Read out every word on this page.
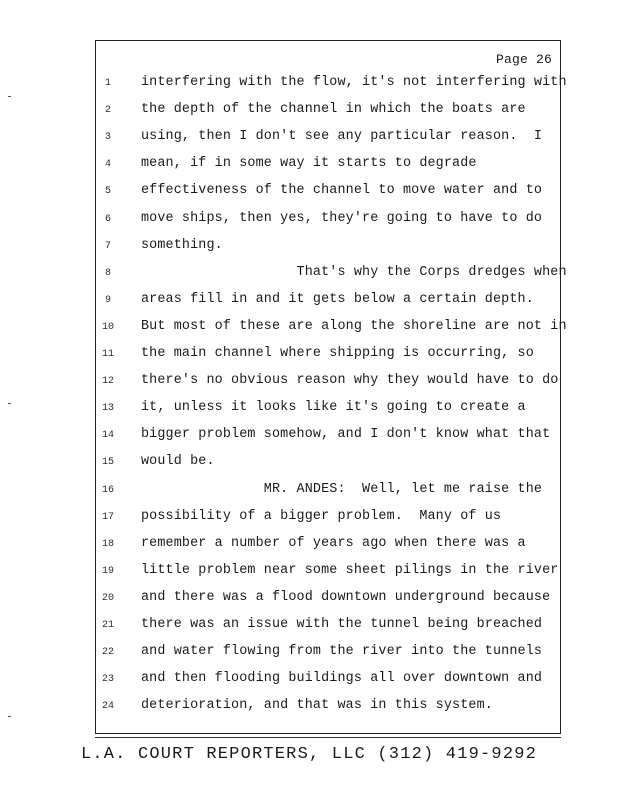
Page 26
1	interfering with the flow, it's not interfering with
2	the depth of the channel in which the boats are
3	using, then I don't see any particular reason.  I
4	mean, if in some way it starts to degrade
5	effectiveness of the channel to move water and to
6	move ships, then yes, they're going to have to do
7	something.
8	That's why the Corps dredges when
9	areas fill in and it gets below a certain depth.
10	But most of these are along the shoreline are not in
11	the main channel where shipping is occurring, so
12	there's no obvious reason why they would have to do
13	it, unless it looks like it's going to create a
14	bigger problem somehow, and I don't know what that
15	would be.
16	MR. ANDES:  Well, let me raise the
17	possibility of a bigger problem.  Many of us
18	remember a number of years ago when there was a
19	little problem near some sheet pilings in the river
20	and there was a flood downtown underground because
21	there was an issue with the tunnel being breached
22	and water flowing from the river into the tunnels
23	and then flooding buildings all over downtown and
24	deterioration, and that was in this system.
L.A. COURT REPORTERS, LLC (312) 419-9292
